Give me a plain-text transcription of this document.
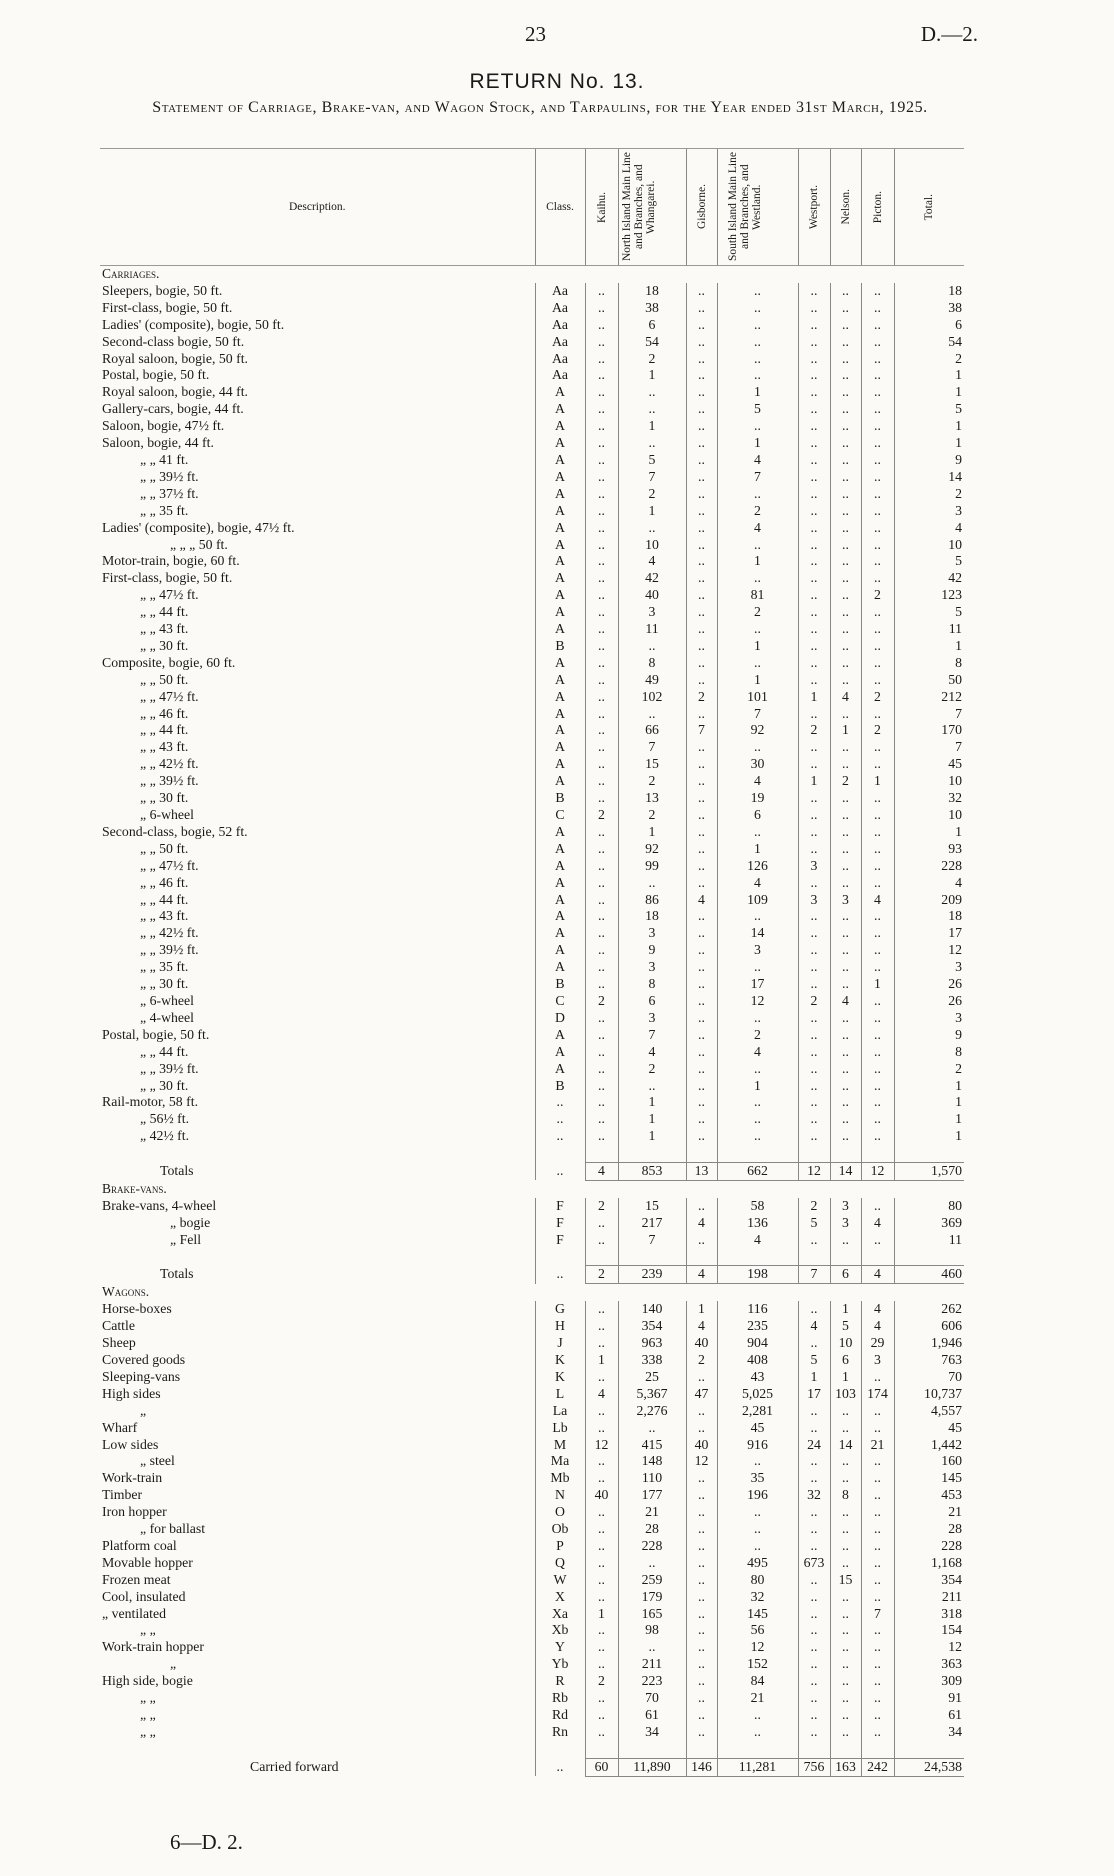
23	D.—2.
RETURN No. 13.
Statement of Carriage, Brake-van, and Wagon Stock, and Tarpaulins, for the Year ended 31st March, 1925.
Description.	Class.	Kaihu.	North Island Main Line and Branches, and Whangarei.	Gisborne.	South Island Main Line and Branches, and Westland.	Westport.	Nelson.	Picton.	Total.

Carriages.									
Sleepers, bogie, 50 ft.	Aa	..	18	..	..	..	..	..	18
First-class, bogie, 50 ft.	Aa	..	38	..	..	..	..	..	38
Ladies' (composite), bogie, 50 ft.	Aa	..	6	..	..	..	..	..	6
Second-class bogie, 50 ft.	Aa	..	54	..	..	..	..	..	54
Royal saloon, bogie, 50 ft.	Aa	..	2	..	..	..	..	..	2
Postal, bogie, 50 ft.	Aa	..	1	..	..	..	..	..	1
Royal saloon, bogie, 44 ft.	A	..	..	..	1	..	..	..	1
Gallery-cars, bogie, 44 ft.	A	..	..	..	5	..	..	..	5
Saloon, bogie, 47½ ft.	A	..	1	..	..	..	..	..	1
Saloon, bogie, 44 ft.	A	..	..	..	1	..	..	..	1
„ „ 41 ft.	A	..	5	..	4	..	..	..	9
„ „ 39½ ft.	A	..	7	..	7	..	..	..	14
„ „ 37½ ft.	A	..	2	..	..	..	..	..	2
„ „ 35 ft.	A	..	1	..	2	..	..	..	3
Ladies' (composite), bogie, 47½ ft.	A	..	..	..	4	..	..	..	4
„ „ „ 50 ft.	A	..	10	..	..	..	..	..	10
Motor-train, bogie, 60 ft.	A	..	4	..	1	..	..	..	5
First-class, bogie, 50 ft.	A	..	42	..	..	..	..	..	42
„ „ 47½ ft.	A	..	40	..	81	..	..	2	123
„ „ 44 ft.	A	..	3	..	2	..	..	..	5
„ „ 43 ft.	A	..	11	..	..	..	..	..	11
„ „ 30 ft.	B	..	..	..	1	..	..	..	1
Composite, bogie, 60 ft.	A	..	8	..	..	..	..	..	8
„ „ 50 ft.	A	..	49	..	1	..	..	..	50
„ „ 47½ ft.	A	..	102	2	101	1	4	2	212
„ „ 46 ft.	A	..	..	..	7	..	..	..	7
„ „ 44 ft.	A	..	66	7	92	2	1	2	170
„ „ 43 ft.	A	..	7	..	..	..	..	..	7
„ „ 42½ ft.	A	..	15	..	30	..	..	..	45
„ „ 39½ ft.	A	..	2	..	4	1	2	1	10
„ „ 30 ft.	B	..	13	..	19	..	..	..	32
„ 6-wheel	C	2	2	..	6	..	..	..	10
Second-class, bogie, 52 ft.	A	..	1	..	..	..	..	..	1
„ „ 50 ft.	A	..	92	..	1	..	..	..	93
„ „ 47½ ft.	A	..	99	..	126	3	..	..	228
„ „ 46 ft.	A	..	..	..	4	..	..	..	4
„ „ 44 ft.	A	..	86	4	109	3	3	4	209
„ „ 43 ft.	A	..	18	..	..	..	..	..	18
„ „ 42½ ft.	A	..	3	..	14	..	..	..	17
„ „ 39½ ft.	A	..	9	..	3	..	..	..	12
„ „ 35 ft.	A	..	3	..	..	..	..	..	3
„ „ 30 ft.	B	..	8	..	17	..	..	1	26
„ 6-wheel	C	2	6	..	12	2	4	..	26
„ 4-wheel	D	..	3	..	..	..	..	..	3
Postal, bogie, 50 ft.	A	..	7	..	2	..	..	..	9
„ „ 44 ft.	A	..	4	..	4	..	..	..	8
„ „ 39½ ft.	A	..	2	..	..	..	..	..	2
„ „ 30 ft.	B	..	..	..	1	..	..	..	1
Rail-motor, 58 ft.	..	..	1	..	..	..	..	..	1
„ 56½ ft.	..	..	1	..	..	..	..	..	1
„ 42½ ft.	..	..	1	..	..	..	..	..	1

Totals	..	4	853	13	662	12	14	12	1,570
Brake-vans.									
Brake-vans, 4-wheel	F	2	15	..	58	2	3	..	80
„ bogie	F	..	217	4	136	5	3	4	369
„ Fell	F	..	7	..	4	..	..	..	11

Totals	..	2	239	4	198	7	6	4	460
Wagons.									
Horse-boxes	G	..	140	1	116	..	1	4	262
Cattle	H	..	354	4	235	4	5	4	606
Sheep	J	..	963	40	904	..	10	29	1,946
Covered goods	K	1	338	2	408	5	6	3	763
Sleeping-vans	K	..	25	..	43	1	1	..	70
High sides	L	4	5,367	47	5,025	17	103	174	10,737
„	La	..	2,276	..	2,281	..	..	..	4,557
Wharf	Lb	..	..	..	45	..	..	..	45
Low sides	M	12	415	40	916	24	14	21	1,442
„ steel	Ma	..	148	12	..	..	..	..	160
Work-train	Mb	..	110	..	35	..	..	..	145
Timber	N	40	177	..	196	32	8	..	453
Iron hopper	O	..	21	..	..	..	..	..	21
„ for ballast	Ob	..	28	..	..	..	..	..	28
Platform coal	P	..	228	..	..	..	..	..	228
Movable hopper	Q	..	..	..	495	673	..	..	1,168
Frozen meat	W	..	259	..	80	..	15	..	354
Cool, insulated	X	..	179	..	32	..	..	..	211
„ ventilated	Xa	1	165	..	145	..	..	7	318
„ „	Xb	..	98	..	56	..	..	..	154
Work-train hopper	Y	..	..	..	12	..	..	..	12
„	Yb	..	211	..	152	..	..	..	363
High side, bogie	R	2	223	..	84	..	..	..	309
„ „	Rb	..	70	..	21	..	..	..	91
„ „	Rd	..	61	..	..	..	..	..	61
„ „	Rn	..	34	..	..	..	..	..	34

Carried forward	..	60	11,890	146	11,281	756	163	242	24,538
6—D. 2.
